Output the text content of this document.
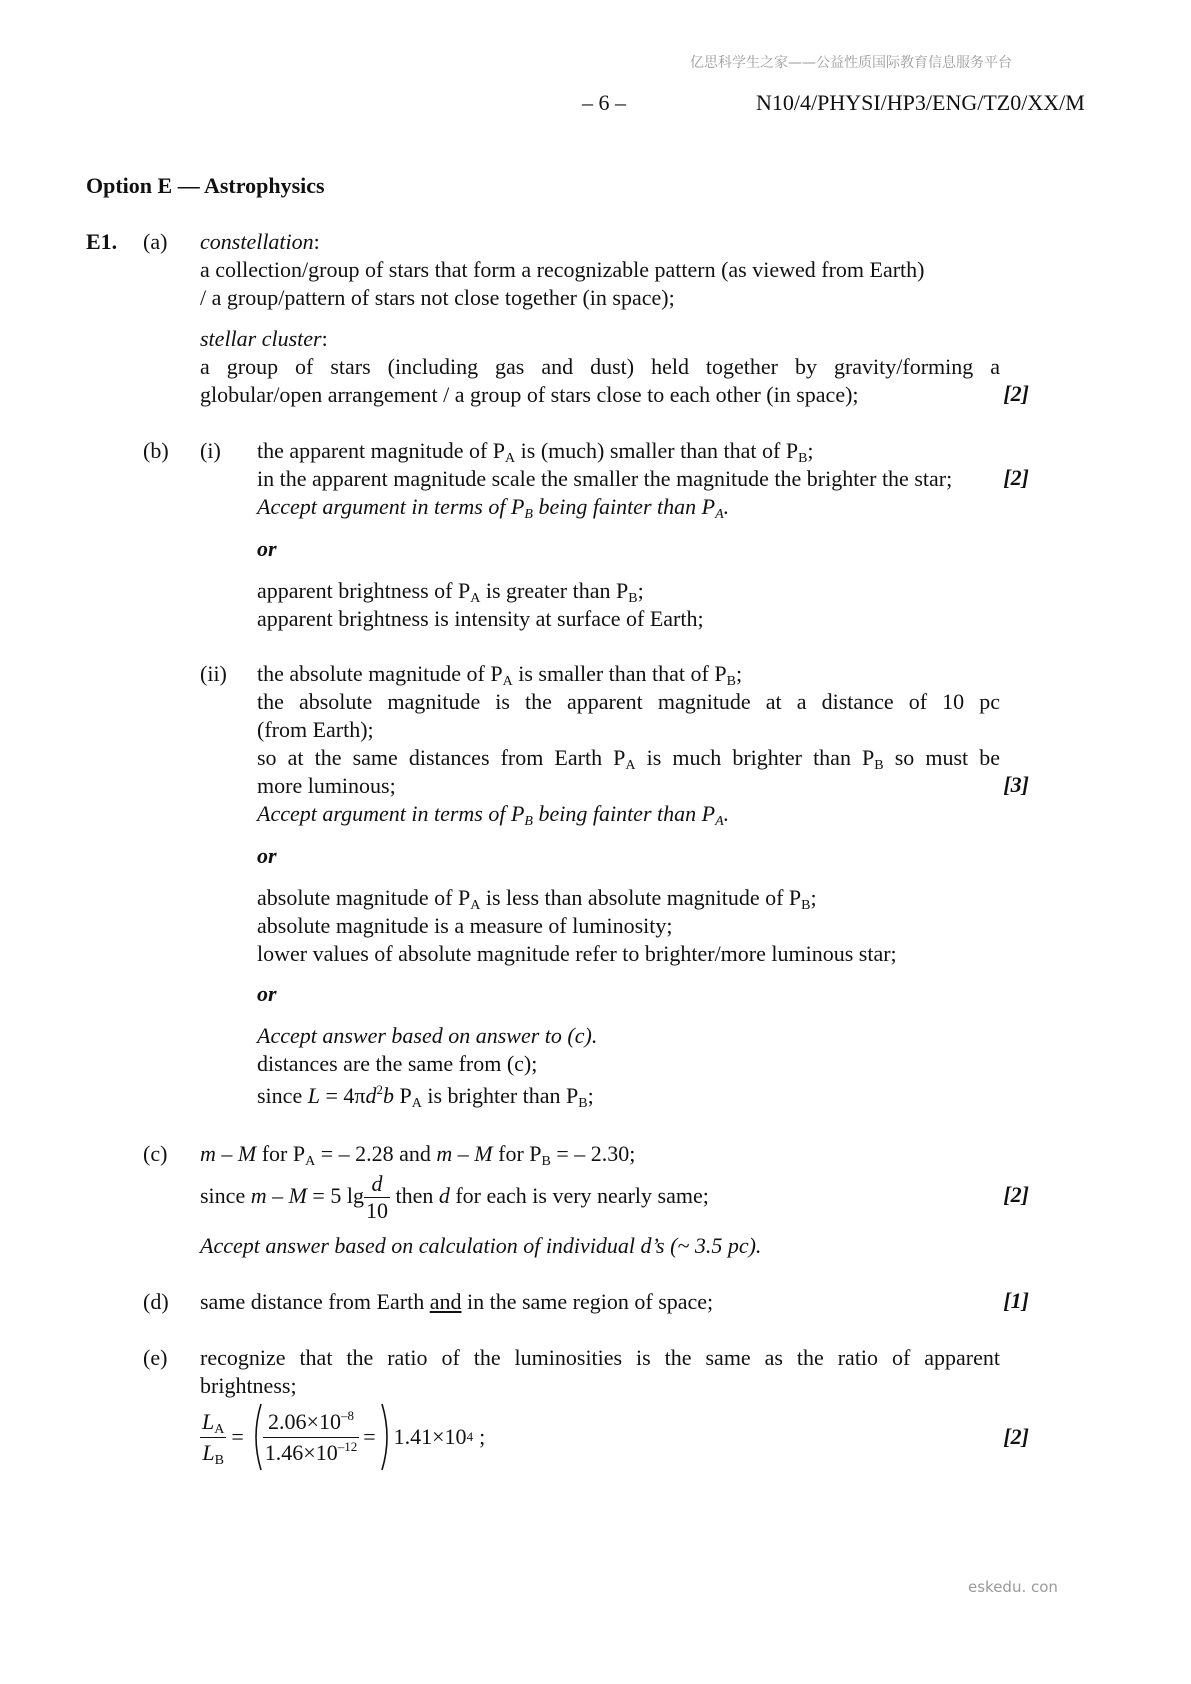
亿思科学生之家——公益性质国际教育信息服务平台
– 6 –	N10/4/PHYSI/HP3/ENG/TZ0/XX/M
Option E — Astrophysics
E1. (a) constellation:
a collection/group of stars that form a recognizable pattern (as viewed from Earth)
/ a group/pattern of stars not close together (in space);
stellar cluster:
a group of stars (including gas and dust) held together by gravity/forming a
globular/open arrangement / a group of stars close to each other (in space);	[2]
(b) (i) the apparent magnitude of $P_A$ is (much) smaller than that of $P_B$;
in the apparent magnitude scale the smaller the magnitude the brighter the star; [2]
Accept argument in terms of $P_B$ being fainter than $P_A$.
or
apparent brightness of $P_A$ is greater than $P_B$;
apparent brightness is intensity at surface of Earth;
(ii) the absolute magnitude of $P_A$ is smaller than that of $P_B$;
the absolute magnitude is the apparent magnitude at a distance of 10 pc
(from Earth);
so at the same distances from Earth $P_A$ is much brighter than $P_B$ so must be
more luminous;	[3]
Accept argument in terms of $P_B$ being fainter than $P_A$.
or
absolute magnitude of $P_A$ is less than absolute magnitude of $P_B$;
absolute magnitude is a measure of luminosity;
lower values of absolute magnitude refer to brighter/more luminous star;
or
Accept answer based on answer to (c).
distances are the same from (c);
since $L = 4\pi d^2b$ $P_A$ is brighter than $P_B$;
(c) m – M for $P_A$ = – 2.28 and m – M for $P_B$ = – 2.30;
since m – M = 5 $\lg \frac{d}{10}$ then d for each is very nearly same;	[2]
Accept answer based on calculation of individual d’s (~ 3.5 pc).
(d) same distance from Earth and in the same region of space;	[1]
(e) recognize that the ratio of the luminosities is the same as the ratio of apparent
brightness;
$\frac{L_A}{L_B} = \frac{2.06\times 10^{-8}}{1.46\times 10^{-12}} = 1.41\times 10$ 4 ;	[2]
eskedu. con
